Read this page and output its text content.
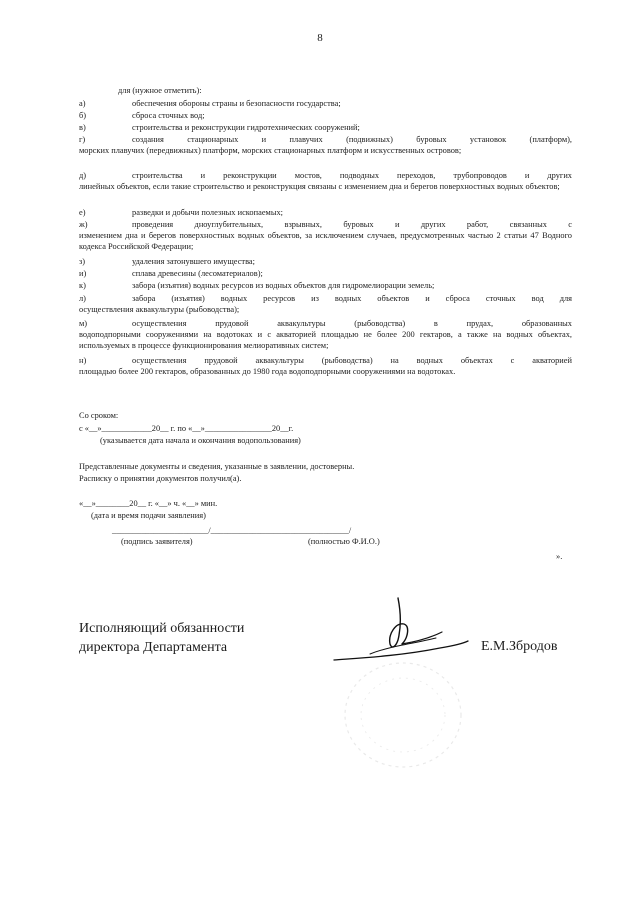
8
для (нужное отметить):
а)	обеспечения обороны страны и безопасности государства;
б)	сброса сточных вод;
в)	строительства и реконструкции гидротехнических сооружений;
г)	создания стационарных и плавучих (подвижных) буровых установок (платформ),
морских плавучих (передвижных) платформ, морских стационарных платформ и искусственных островов;
д)	строительства и реконструкции мостов, подводных переходов, трубопроводов и других
линейных объектов, если такие строительство и реконструкция связаны с изменением дна и берегов поверхностных водных объектов;
е)	разведки и добычи полезных ископаемых;
ж)	проведения дноуглубительных, взрывных, буровых и других работ, связанных с
изменением дна и берегов поверхностных водных объектов, за исключением случаев, предусмотренных частью 2 статьи 47 Водного кодекса Российской Федерации;
з)	удаления затонувшего имущества;
и)	сплава древесины (лесоматериалов);
к)	забора (изъятия) водных ресурсов из водных объектов для гидромелиорации земель;
л)	забора (изъятия) водных ресурсов из водных объектов и сброса сточных вод для
осуществления аквакультуры (рыбоводства);
м)	осуществления прудовой аквакультуры (рыбоводства) в прудах, образованных
водоподпорными сооружениями на водотоках и с акваторией площадью не более 200 гектаров, а также на водных объектах, используемых в процессе функционирования мелиоративных систем;
н)	осуществления прудовой аквакультуры (рыбоводства) на водных объектах с акваторией
площадью более 200 гектаров, образованных до 1980 года водоподпорными сооружениями на водотоках.
Со сроком:
с «__»____________20__ г. по «__»________________20__г.
(указывается дата начала и окончания водопользования)
Представленные документы и сведения, указанные в заявлении, достоверны.
Расписку о принятии документов получил(а).
«__»________20__ г. «__» ч. «__» мин.
(дата и время подачи заявления)
_______________________/_________________________________/
(подпись заявителя)	(полностью Ф.И.О.)
».
Исполняющий обязанности
директора Департамента	Е.М.Збродов
